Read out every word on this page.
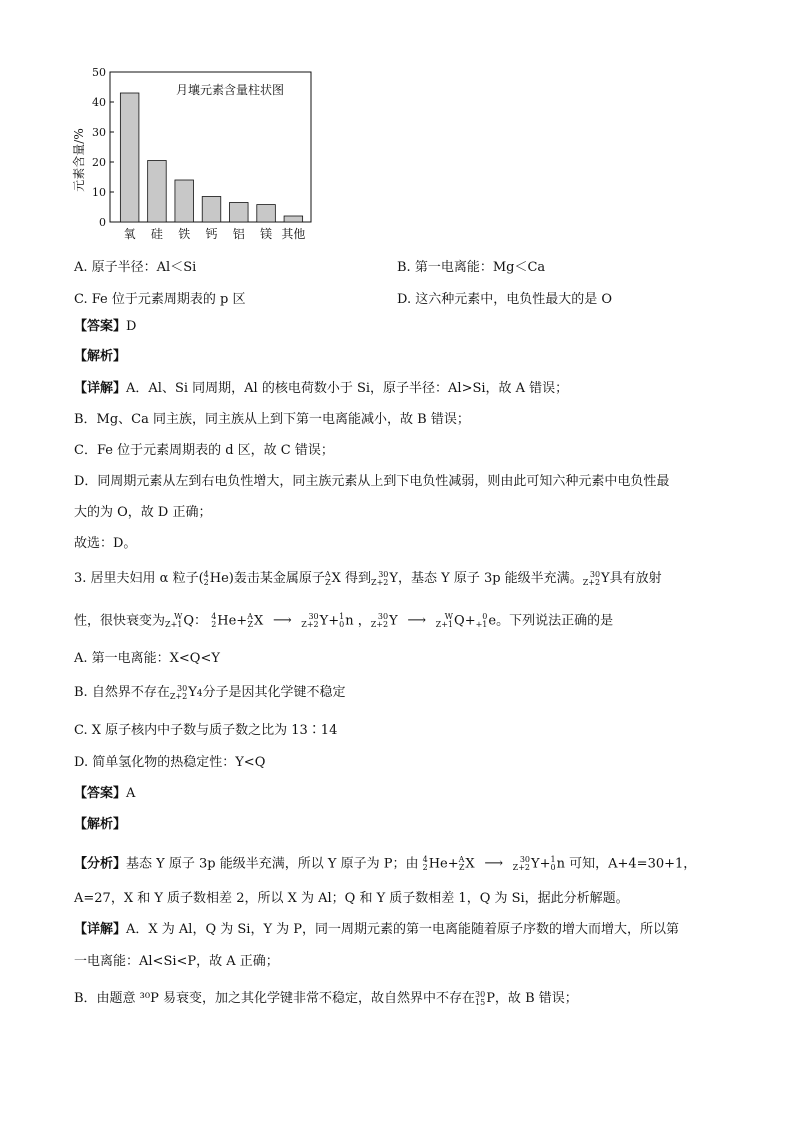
月壤元素含量柱状图
元素含量/%
0
10
20
30
40
50
氧 硅 铁 钙 铝 镁 其他
A. 原子半径：Al＜Si	B. 第一电离能：Mg＜Ca
C. Fe 位于元素周期表的 p 区	D. 这六种元素中，电负性最大的是 O
【答案】D
【解析】
【详解】A．Al、Si 同周期，Al 的核电荷数小于 Si，原子半径：Al>Si，故 A 错误；
B．Mg、Ca 同主族，同主族从上到下第一电离能减小，故 B 错误；
C．Fe 位于元素周期表的 d 区，故 C 错误；
D．同周期元素从左到右电负性增大，同主族元素从上到下电负性减弱，则由此可知六种元素中电负性最
大的为 O，故 D 正确；
故选：D。
3. 居里夫妇用 α 粒子( 4
2 He)轰击某金属原子 A
Z X 得到 30
Z+2 Y，基态 Y 原子 3p 能级半充满。 30
Z+2 Y具有放射
性，很快衰变为	W
Z+1 Q： 4
2 He+ A
Z X ⟶	30
Z+2 Y+ 1
0 n ， 30
Z+2 Y ⟶	W
Z+1 Q+ 0
+1 e。下列说法正确的是
A. 第一电离能：X<Q<Y
B. 自然界不存在 30
Z+2 Y4分子是因其化学键不稳定
C. X 原子核内中子数与质子数之比为 13∶14
D. 简单氢化物的热稳定性：Y<Q
【答案】A
【解析】
【分析】基态 Y 原子 3p 能级半充满，所以 Y 原子为 P；由 4
2 He+ A
Z X ⟶	30
Z+2 Y+ 1
0 n 可知，A+4=30+1，
A=27，X 和 Y 质子数相差 2，所以 X 为 Al；Q 和 Y 质子数相差 1，Q 为 Si，据此分析解题。
【详解】A．X 为 Al，Q 为 Si，Y 为 P，同一周期元素的第一电离能随着原子序数的增大而增大，所以第
一电离能：Al<Si<P，故 A 正确；
B．由题意 ³⁰P 易衰变，加之其化学键非常不稳定，故自然界中不存在 30
15 P，故 B 错误；
